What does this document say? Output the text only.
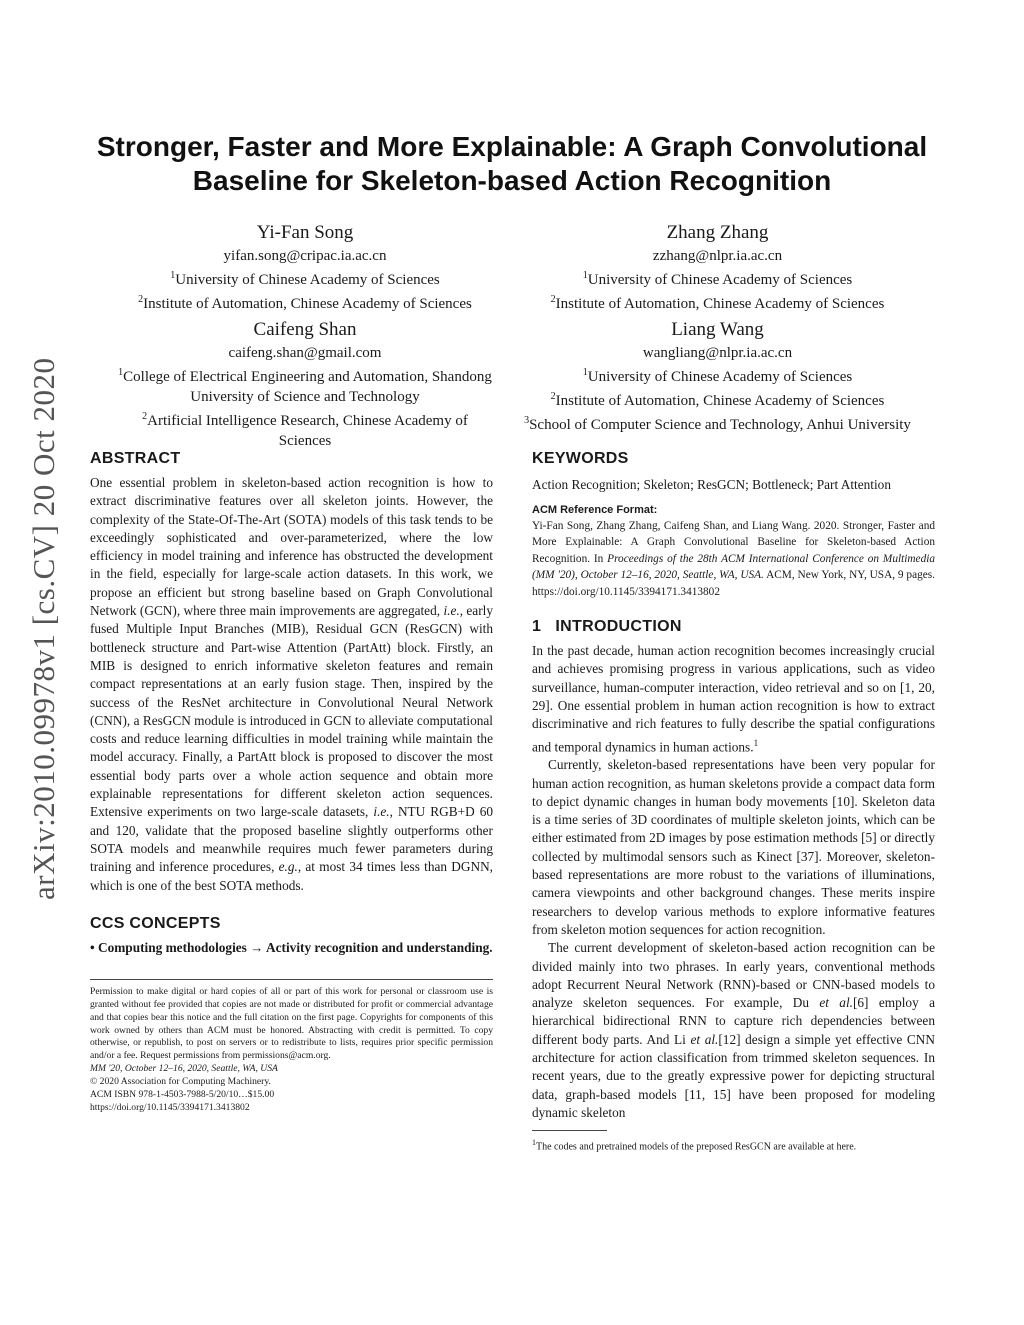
arXiv:2010.09978v1 [cs.CV] 20 Oct 2020
Stronger, Faster and More Explainable: A Graph Convolutional Baseline for Skeleton-based Action Recognition
Yi-Fan Song
yifan.song@cripac.ia.ac.cn
$^1$University of Chinese Academy of Sciences
$^2$Institute of Automation, Chinese Academy of Sciences
Zhang Zhang
zzhang@nlpr.ia.ac.cn
$^1$University of Chinese Academy of Sciences
$^2$Institute of Automation, Chinese Academy of Sciences
Caifeng Shan
caifeng.shan@gmail.com
$^1$College of Electrical Engineering and Automation, Shandong University of Science and Technology
$^2$Artificial Intelligence Research, Chinese Academy of Sciences
Liang Wang
wangliang@nlpr.ia.ac.cn
$^1$University of Chinese Academy of Sciences
$^2$Institute of Automation, Chinese Academy of Sciences
$^3$School of Computer Science and Technology, Anhui University
ABSTRACT
One essential problem in skeleton-based action recognition is how to extract discriminative features over all skeleton joints. However, the complexity of the State-Of-The-Art (SOTA) models of this task tends to be exceedingly sophisticated and over-parameterized, where the low efficiency in model training and inference has obstructed the development in the field, especially for large-scale action datasets. In this work, we propose an efficient but strong baseline based on Graph Convolutional Network (GCN), where three main improvements are aggregated, i.e., early fused Multiple Input Branches (MIB), Residual GCN (ResGCN) with bottleneck structure and Part-wise Attention (PartAtt) block. Firstly, an MIB is designed to enrich informative skeleton features and remain compact representations at an early fusion stage. Then, inspired by the success of the ResNet architecture in Convolutional Neural Network (CNN), a ResGCN module is introduced in GCN to alleviate computational costs and reduce learning difficulties in model training while maintain the model accuracy. Finally, a PartAtt block is proposed to discover the most essential body parts over a whole action sequence and obtain more explainable representations for different skeleton action sequences. Extensive experiments on two large-scale datasets, i.e., NTU RGB+D 60 and 120, validate that the proposed baseline slightly outperforms other SOTA models and meanwhile requires much fewer parameters during training and inference procedures, e.g., at most 34 times less than DGNN, which is one of the best SOTA methods.
CCS CONCEPTS
• Computing methodologies → Activity recognition and understanding.
Permission to make digital or hard copies of all or part of this work for personal or classroom use is granted without fee provided that copies are not made or distributed for profit or commercial advantage and that copies bear this notice and the full citation on the first page. Copyrights for components of this work owned by others than ACM must be honored. Abstracting with credit is permitted. To copy otherwise, or republish, to post on servers or to redistribute to lists, requires prior specific permission and/or a fee. Request permissions from permissions@acm.org.
MM '20, October 12–16, 2020, Seattle, WA, USA
© 2020 Association for Computing Machinery.
ACM ISBN 978-1-4503-7988-5/20/10…$15.00
https://doi.org/10.1145/3394171.3413802
KEYWORDS
Action Recognition; Skeleton; ResGCN; Bottleneck; Part Attention
ACM Reference Format:
Yi-Fan Song, Zhang Zhang, Caifeng Shan, and Liang Wang. 2020. Stronger, Faster and More Explainable: A Graph Convolutional Baseline for Skeleton-based Action Recognition. In Proceedings of the 28th ACM International Conference on Multimedia (MM '20), October 12–16, 2020, Seattle, WA, USA. ACM, New York, NY, USA, 9 pages. https://doi.org/10.1145/3394171.3413802
1   INTRODUCTION

In the past decade, human action recognition becomes increasingly crucial and achieves promising progress in various applications, such as video surveillance, human-computer interaction, video retrieval and so on [1, 20, 29]. One essential problem in human action recognition is how to extract discriminative and rich features to fully describe the spatial configurations and temporal dynamics in human actions.$^1$

Currently, skeleton-based representations have been very popular for human action recognition, as human skeletons provide a compact data form to depict dynamic changes in human body movements [10]. Skeleton data is a time series of 3D coordinates of multiple skeleton joints, which can be either estimated from 2D images by pose estimation methods [5] or directly collected by multimodal sensors such as Kinect [37]. Moreover, skeleton-based representations are more robust to the variations of illuminations, camera viewpoints and other background changes. These merits inspire researchers to develop various methods to explore informative features from skeleton motion sequences for action recognition.

The current development of skeleton-based action recognition can be divided mainly into two phrases. In early years, conventional methods adopt Recurrent Neural Network (RNN)-based or CNN-based models to analyze skeleton sequences. For example, Du et al.[6] employ a hierarchical bidirectional RNN to capture rich dependencies between different body parts. And Li et al.[12] design a simple yet effective CNN architecture for action classification from trimmed skeleton sequences. In recent years, due to the greatly expressive power for depicting structural data, graph-based models [11, 15] have been proposed for modeling dynamic skeleton

$^1$The codes and pretrained models of the preposed ResGCN are available at here.
